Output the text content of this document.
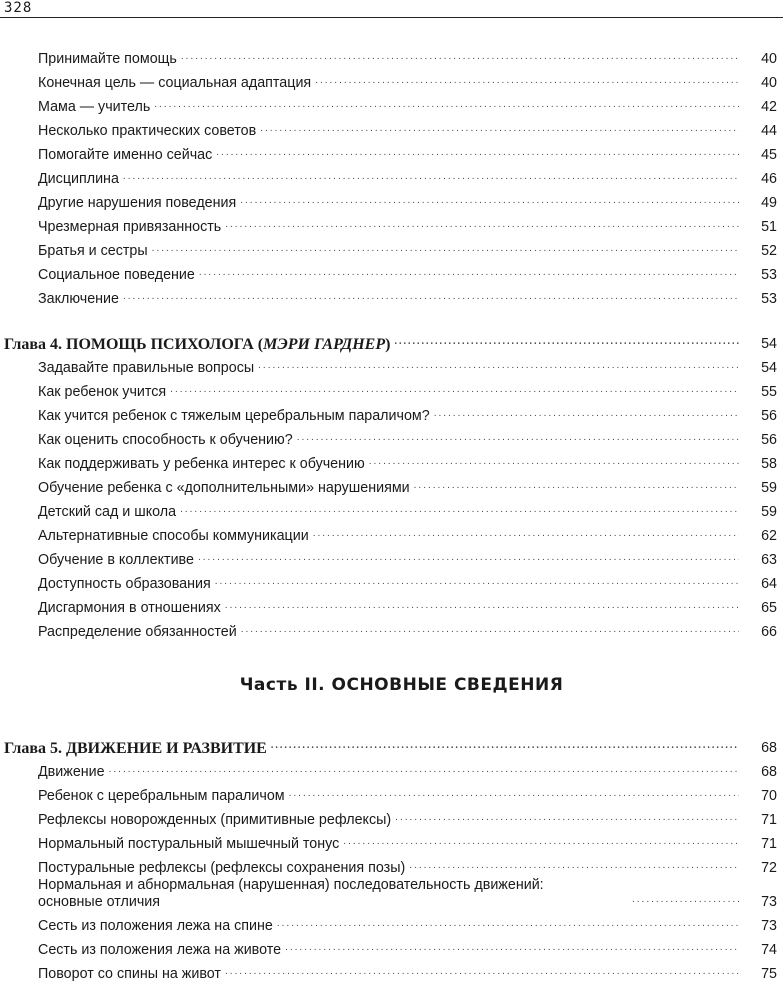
328
Принимайте помощь .....	40
Конечная цель — социальная адаптация .....	40
Мама — учитель .....	42
Несколько практических советов .....	44
Помогайте именно сейчас .....	45
Дисциплина .....	46
Другие нарушения поведения .....	49
Чрезмерная привязанность .....	51
Братья и сестры .....	52
Социальное поведение .....	53
Заключение .....	53
Глава 4. ПОМОЩЬ ПСИХОЛОГА (МЭРИ ГАРДНЕР) .....	54
Задавайте правильные вопросы .....	54
Как ребенок учится .....	55
Как учится ребенок с тяжелым церебральным параличом? .....	56
Как оценить способность к обучению? .....	56
Как поддерживать у ребенка интерес к обучению .....	58
Обучение ребенка с «дополнительными» нарушениями .....	59
Детский сад и школа .....	59
Альтернативные способы коммуникации .....	62
Обучение в коллективе .....	63
Доступность образования .....	64
Дисгармония в отношениях .....	65
Распределение обязанностей .....	66
Часть II. ОСНОВНЫЕ СВЕДЕНИЯ
Глава 5. ДВИЖЕНИЕ И РАЗВИТИЕ .....	68
Движение .....	68
Ребенок с церебральным параличом .....	70
Рефлексы новорожденных (примитивные рефлексы) .....	71
Нормальный постуральный мышечный тонус .....	71
Постуральные рефлексы (рефлексы сохранения позы) .....	72
Нормальная и абнормальная (нарушенная) последовательность движений:
основные отличия .....	73
Сесть из положения лежа на спине .....	73
Сесть из положения лежа на животе .....	74
Поворот со спины на живот .....	75
